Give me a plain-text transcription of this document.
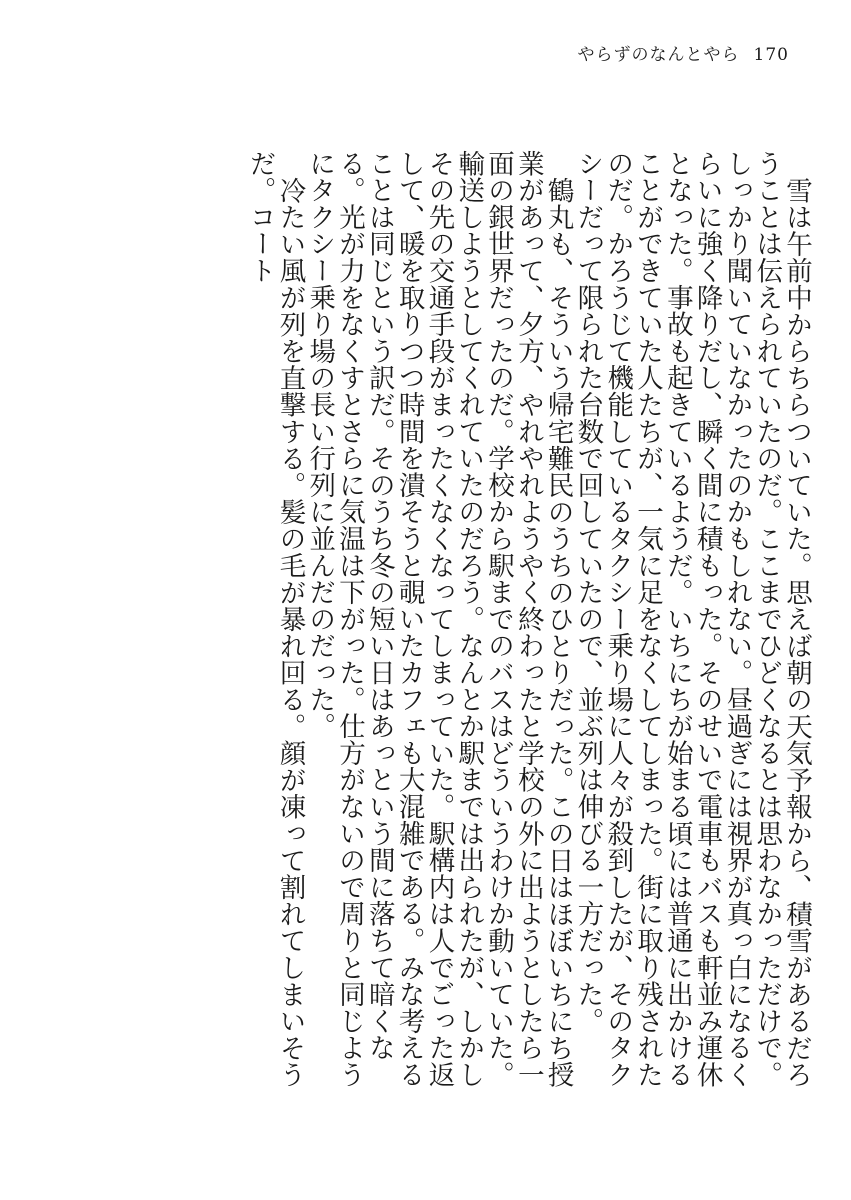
やらずのなんとやら 170

雪は午前中からちらついていた。思えば朝の天気予報から、積雪があるだろうことは伝えられていたのだ。ここまでひどくなるとは思わなかっただけで。しっかり聞いていなかったのかもしれない。昼過ぎには視界が真っ白になるくらいに強く降りだし、瞬く間に積もった。そのせいで電車もバスも軒並み運休となった。事故も起きているようだ。いちにちが始まる頃には普通に出かけることができていた人たちが、一気に足をなくしてしまった。街に取り残されたのだ。かろうじて機能しているタクシー乗り場に人々が殺到したが、そのタクシーだって限られた台数で回していたので、並ぶ列は伸びる一方だった。

鶴丸も、そういう帰宅難民のうちのひとりだった。この日はほぼいちにち授業があって、夕方、やれやれようやく終わったと学校の外に出ようとしたら一面の銀世界だったのだ。学校から駅までのバスはどういうわけか動いていた。輸送しようとしてくれていたのだろう。なんとか駅までは出られたが、しかしその先の交通手段がまったくなくなってしまっていた。駅構内は人でごった返して、暖を取りつつ時間を潰そうと覗いたカフェも大混雑である。みな考えることは同じという訳だ。そのうち冬の短い日はあっという間に落ちて暗くなる。光が力をなくすとさらに気温は下がった。仕方がないので周りと同じようにタクシー乗り場の長い行列に並んだのだった。

冷たい風が列を直撃する。髪の毛が暴れ回る。顔が凍って割れてしまいそうだ。コート
